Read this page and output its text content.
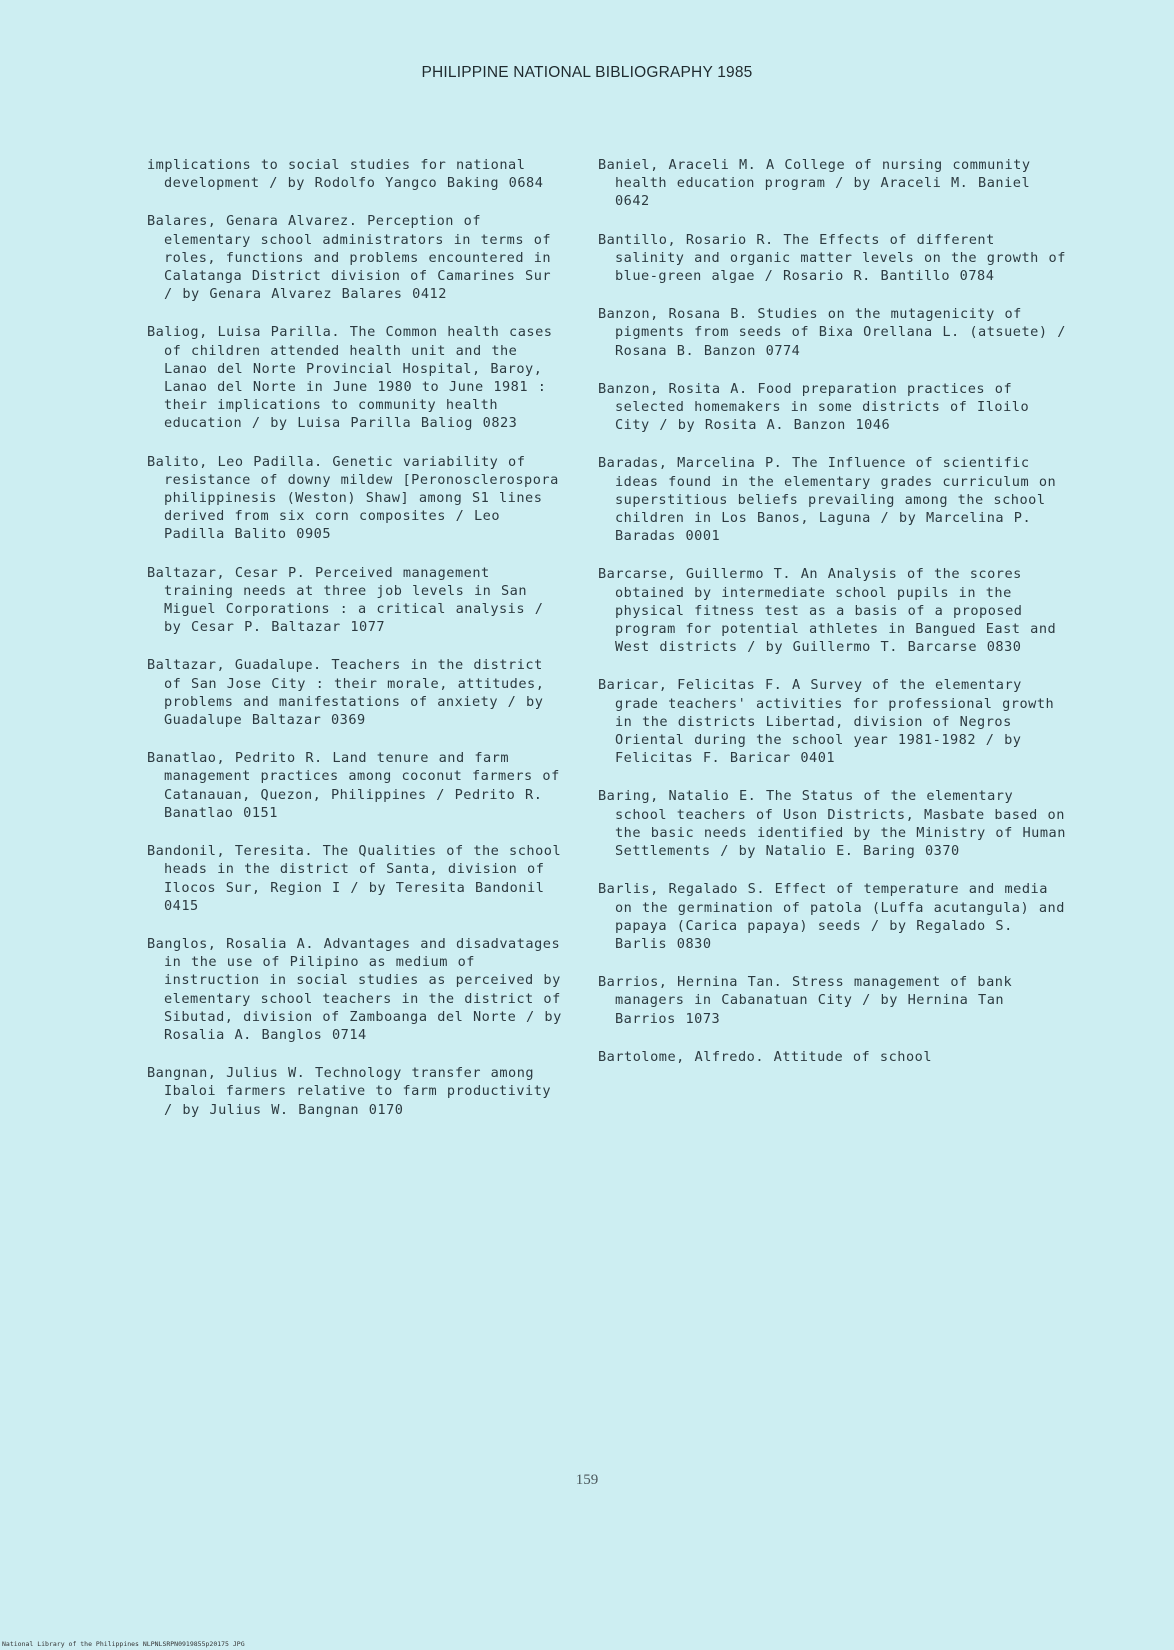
PHILIPPINE NATIONAL BIBLIOGRAPHY 1985
implications to social studies for national development / by Rodolfo Yangco Baking 0684
Balares, Genara Alvarez. Perception of elementary school administrators in terms of roles, functions and problems encountered in Calatanga District division of Camarines Sur / by Genara Alvarez Balares 0412
Baliog, Luisa Parilla. The Common health cases of children attended health unit and the Lanao del Norte Provincial Hospital, Baroy, Lanao del Norte in June 1980 to June 1981 : their implications to community health education / by Luisa Parilla Baliog 0823
Balito, Leo Padilla. Genetic variability of resistance of downy mildew [Peronosclerospora philippinesis (Weston) Shaw] among S1 lines derived from six corn composites / Leo Padilla Balito 0905
Baltazar, Cesar P. Perceived management training needs at three job levels in San Miguel Corporations : a critical analysis / by Cesar P. Baltazar 1077
Baltazar, Guadalupe. Teachers in the district of San Jose City : their morale, attitudes, problems and manifestations of anxiety / by Guadalupe Baltazar 0369
Banatlao, Pedrito R. Land tenure and farm management practices among coconut farmers of Catanauan, Quezon, Philippines / Pedrito R. Banatlao 0151
Bandonil, Teresita. The Qualities of the school heads in the district of Santa, division of Ilocos Sur, Region I / by Teresita Bandonil 0415
Banglos, Rosalia A. Advantages and disadvatages in the use of Pilipino as medium of instruction in social studies as perceived by elementary school teachers in the district of Sibutad, division of Zamboanga del Norte / by Rosalia A. Banglos 0714
Bangnan, Julius W. Technology transfer among Ibaloi farmers relative to farm productivity / by Julius W. Bangnan 0170
Baniel, Araceli M. A College of nursing community health education program / by Araceli M. Baniel 0642
Bantillo, Rosario R. The Effects of different salinity and organic matter levels on the growth of blue-green algae / Rosario R. Bantillo 0784
Banzon, Rosana B. Studies on the mutagenicity of pigments from seeds of Bixa Orellana L. (atsuete) / Rosana B. Banzon 0774
Banzon, Rosita A. Food preparation practices of selected homemakers in some districts of Iloilo City / by Rosita A. Banzon 1046
Baradas, Marcelina P. The Influence of scientific ideas found in the elementary grades curriculum on superstitious beliefs prevailing among the school children in Los Banos, Laguna / by Marcelina P. Baradas 0001
Barcarse, Guillermo T. An Analysis of the scores obtained by intermediate school pupils in the physical fitness test as a basis of a proposed program for potential athletes in Bangued East and West districts / by Guillermo T. Barcarse 0830
Baricar, Felicitas F. A Survey of the elementary grade teachers' activities for professional growth in the districts Libertad, division of Negros Oriental during the school year 1981-1982 / by Felicitas F. Baricar 0401
Baring, Natalio E. The Status of the elementary school teachers of Uson Districts, Masbate based on the basic needs identified by the Ministry of Human Settlements / by Natalio E. Baring 0370
Barlis, Regalado S. Effect of temperature and media on the germination of patola (Luffa acutangula) and papaya (Carica papaya) seeds / by Regalado S. Barlis 0830
Barrios, Hernina Tan. Stress management of bank managers in Cabanatuan City / by Hernina Tan Barrios 1073
Bartolome, Alfredo. Attitude of school
159
National Library of the Philippines NLPNLSRPN0919855p20175 JPG
